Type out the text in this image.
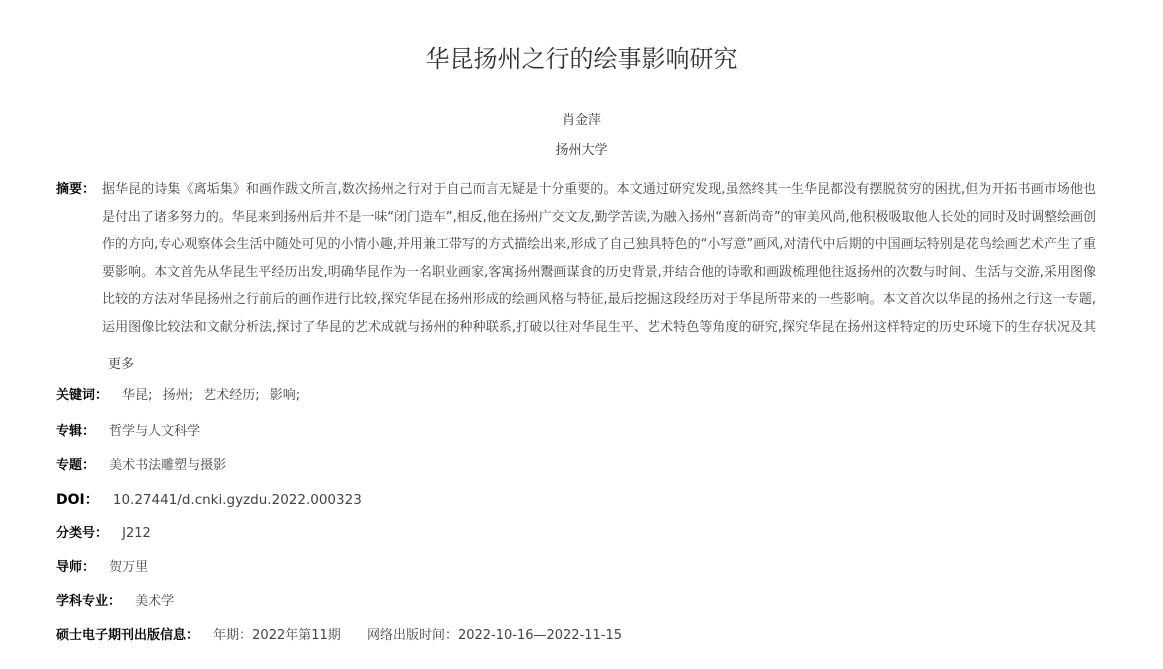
华昆扬州之行的绘事影响研究
肖金萍
扬州大学
摘要： 据华昆的诗集《离垢集》和画作跋文所言,数次扬州之行对于自己而言无疑是十分重要的。本文通过研究发现,虽然终其一生华昆都没有摆脱贫穷的困扰,但为开拓书画市场他也是付出了诸多努力的。华昆来到扬州后并不是一味“闭门造车”,相反,他在扬州广交文友,勤学苦读,为融入扬州“喜新尚奇”的审美风尚,他积极吸取他人长处的同时及时调整绘画创作的方向,专心观察体会生活中随处可见的小情小趣,并用兼工带写的方式描绘出来,形成了自己独具特色的“小写意”画风,对清代中后期的中国画坛特别是花鸟绘画艺术产生了重要影响。本文首先从华昆生平经历出发,明确华昆作为一名职业画家,客寓扬州鬻画谋食的历史背景,并结合他的诗歌和画跋梳理他往返扬州的次数与时间、生活与交游,采用图像比较的方法对华昆扬州之行前后的画作进行比较,探究华昆在扬州形成的绘画风格与特征,最后挖掘这段经历对于华昆所带来的一些影响。本文首次以华昆的扬州之行这一专题,运用图像比较法和文献分析法,探讨了华昆的艺术成就与扬州的种种联系,打破以往对华昆生平、艺术特色等角度的研究,探究华昆在扬州这样特定的历史环境下的生存状况及其
更多
关键词： 华昆; 扬州; 艺术经历; 影响;
专辑： 哲学与人文科学
专题： 美术书法雕塑与摄影
DOI： 10.27441/d.cnki.gyzdu.2022.000323
分类号： J212
导师： 贺万里
学科专业： 美术学
硕士电子期刊出版信息： 年期：2022年第11期 网络出版时间：2022-10-16—2022-11-15
